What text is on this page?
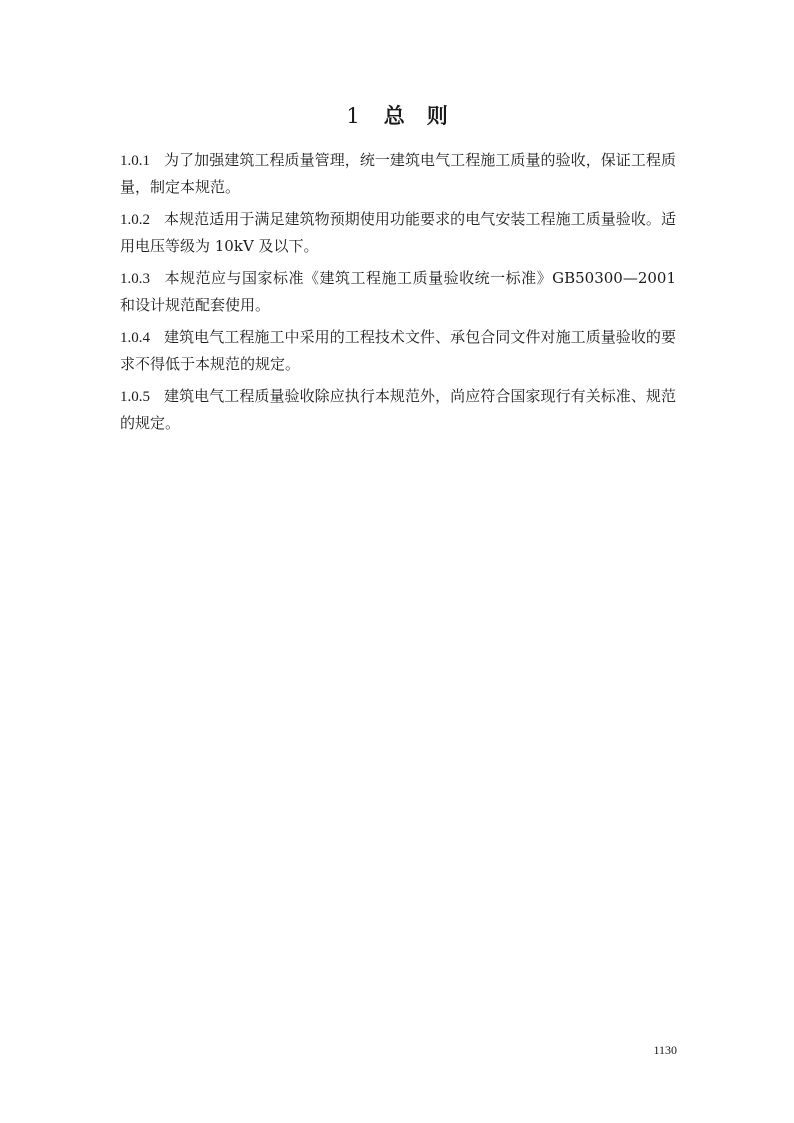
1 总 则

1.0.1 为了加强建筑工程质量管理，统一建筑电气工程施工质量的验收，保证工程质量，制定本规范。

1.0.2 本规范适用于满足建筑物预期使用功能要求的电气安装工程施工质量验收。适用电压等级为 10kV 及以下。

1.0.3 本规范应与国家标准《建筑工程施工质量验收统一标准》GB50300—2001和设计规范配套使用。

1.0.4 建筑电气工程施工中采用的工程技术文件、承包合同文件对施工质量验收的要求不得低于本规范的规定。

1.0.5 建筑电气工程质量验收除应执行本规范外，尚应符合国家现行有关标准、规范的规定。

1130
